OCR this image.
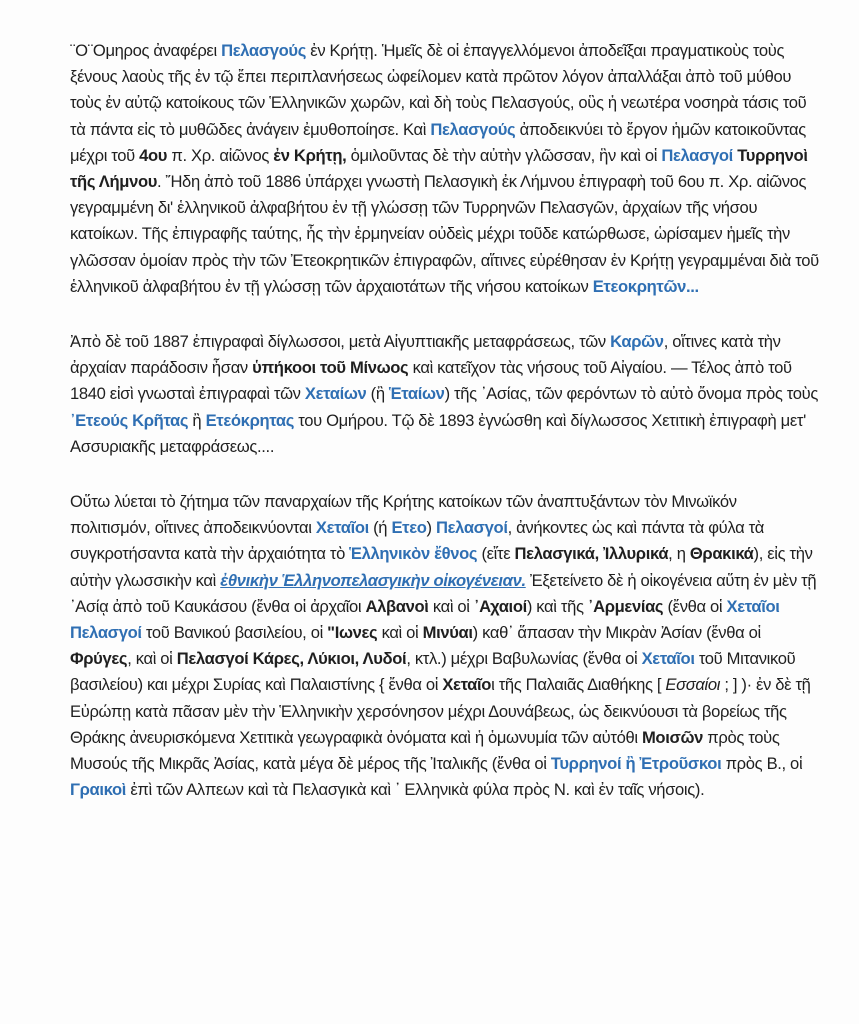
¨Ο¨Ομηρος ἀναφέρει Πελασγούς ἐν Κρήτῃ. Ἡμεῖς δὲ οἱ ἐπαγγελλόμενοι ἀποδεῖξαι πραγματικοὺς τοὺς ξένους λαοὺς τῆς ἐν τῷ ἔπει περιπλανήσεως ὠφείλομεν κατὰ πρῶτον λόγον ἀπαλλάξαι ἀπὸ τοῦ μύθου τοὺς ἐν αὐτῷ κατοίκους τῶν Ἑλληνικῶν χωρῶν, καὶ δὴ τοὺς Πελασγούς, οὓς ἡ νεωτέρα νοσηρὰ τάσις τοῦ τὰ πάντα εἰς τὸ μυθῶδες ἀνάγειν ἐμυθοποίησε. Καὶ Πελασγούς ἀποδεικνύει τὸ ἔργον ἡμῶν κατοικοῦντας μέχρι τοῦ 4ου π. Χρ. αἰῶνος ἐν Κρήτῃ, ὁμιλοῦντας δὲ τὴν αὐτὴν γλῶσσαν, ἣν καὶ οἱ Πελασγοί Τυρρηνοὶ τῆς Λήμνου. Ἤδη ἀπὸ τοῦ 1886 ὑπάρχει γνωστὴ Πελασγικὴ ἐκ Λήμνου ἐπιγραφὴ τοῦ 6ου π. Χρ. αἰῶνος γεγραμμένη δι' ἑλληνικοῦ ἀλφαβήτου ἐν τῇ γλώσσῃ τῶν Τυρρηνῶν Πελασγῶν, ἀρχαίων τῆς νήσου κατοίκων. Τῆς ἐπιγραφῆς ταύτης, ἧς τὴν ἑρμηνείαν οὐδεὶς μέχρι τοῦδε κατώρθωσε, ὡρίσαμεν ἡμεῖς τὴν γλῶσσαν ὁμοίαν πρὸς τὴν τῶν Ἐτεοκρητικῶν ἐπιγραφῶν, αἵτινες εὑρέθησαν ἐν Κρήτῃ γεγραμμέναι διὰ τοῦ ἑλληνικοῦ ἀλφαβήτου ἐν τῇ γλώσσῃ τῶν ἀρχαιοτάτων τῆς νήσου κατοίκων Ετεοκρητῶν...

Ἀπὸ δὲ τοῦ 1887 ἐπιγραφαὶ δίγλωσσοι, μετὰ Αἰγυπτιακῆς μεταφράσεως, τῶν Καρῶν, οἵτινες κατὰ τὴν ἀρχαίαν παράδοσιν ἦσαν ὑπήκοοι τοῦ Μίνωος καὶ κατεῖχον τὰς νήσους τοῦ Αἰγαίου. — Τέλος ἀπὸ τοῦ 1840 εἰσὶ γνωσταὶ ἐπιγραφαὶ τῶν Χεταίων (ἢ Ἑταίων) τῆς ᾿Ασίας, τῶν φερόντων τὸ αὐτὸ ὄνομα πρὸς τοὺς ᾿Ετεούς Κρῆτας ἢ Ετεόκρητας του Ομήρου. Τῷ δὲ 1893 ἐγνώσθη καὶ δίγλωσσος Χετιτικὴ ἐπιγραφὴ μετ' Ασσυριακῆς μεταφράσεως....

Οὕτω λύεται τὸ ζήτημα τῶν παναρχαίων τῆς Κρήτης κατοίκων τῶν ἀναπτυξάντων τὸν Μινωϊκόν πολιτισμόν, οἵτινες ἀποδεικνύονται Χεταῖοι (ή Ετεο) Πελασγοί, ἀνήκοντες ὡς καὶ πάντα τὰ φύλα τὰ συγκροτήσαντα κατὰ τὴν ἀρχαιότητα τὸ Ἑλληνικὸν ἔθνος (εἴτε Πελασγικά, Ἰλλυρικά, η Θρακικά), εἰς τὴν αὐτὴν γλωσσικὴν καὶ ἐθνικὴν Ἑλληνοπελασγικὴν οἰκογένειαν. Ἐξετείνετο δὲ ἡ οἰκογένεια αὕτη ἐν μὲν τῇ ᾿Ασίᾳ ἀπὸ τοῦ Καυκάσου (ἔνθα οἱ ἀρχαῖοι Αλβανοὶ καὶ οἱ ᾿Αχαιοί) καὶ τῆς ᾿Αρμενίας (ἔνθα οἱ Χεταῖοι Πελασγοί τοῦ Βανικού βασιλείου, οἱ "Ιωνες καὶ οἱ Μινύαι) καθ᾿ ἅπασαν τὴν Μικρὰν Ἀσίαν (ἔνθα οἱ Φρύγες, καὶ οἱ Πελασγοί Κάρες, Λύκιοι, Λυδοί, κτλ.) μέχρι Βαβυλωνίας (ἔνθα οἱ Χεταῖοι τοῦ Μιτανικοῦ βασιλείου) και μέχρι Συρίας καὶ Παλαιστίνης { ἔνθα οἱ Χεταῖοι τῆς Παλαιᾶς Διαθήκης [ Εσσαίοι ; ] )· ἐν δὲ τῇ Εὐρώπῃ κατὰ πᾶσαν μὲν τὴν Ἑλληνικὴν χερσόνησον μέχρι Δουνάβεως, ὡς δεικνύουσι τὰ βορείως τῆς Θράκης ἀνευρισκόμενα Χετιτικὰ γεωγραφικὰ ὀνόματα καὶ ἡ ὁμωνυμία τῶν αὐτόθι Μοισῶν πρὸς τοὺς Μυσούς τῆς Μικρᾶς Ἀσίας, κατὰ μέγα δὲ μέρος τῆς Ἰταλικῆς (ἔνθα οἱ Τυρρηνοί ἢ Ἐτροῦσκοι πρὸς Β., οἱ Γραικοὶ ἐπὶ τῶν Αλπεων καὶ τὰ Πελασγικὰ καὶ ᾿ Ελληνικὰ φύλα πρὸς Ν. καὶ ἐν ταῖς νήσοις).
